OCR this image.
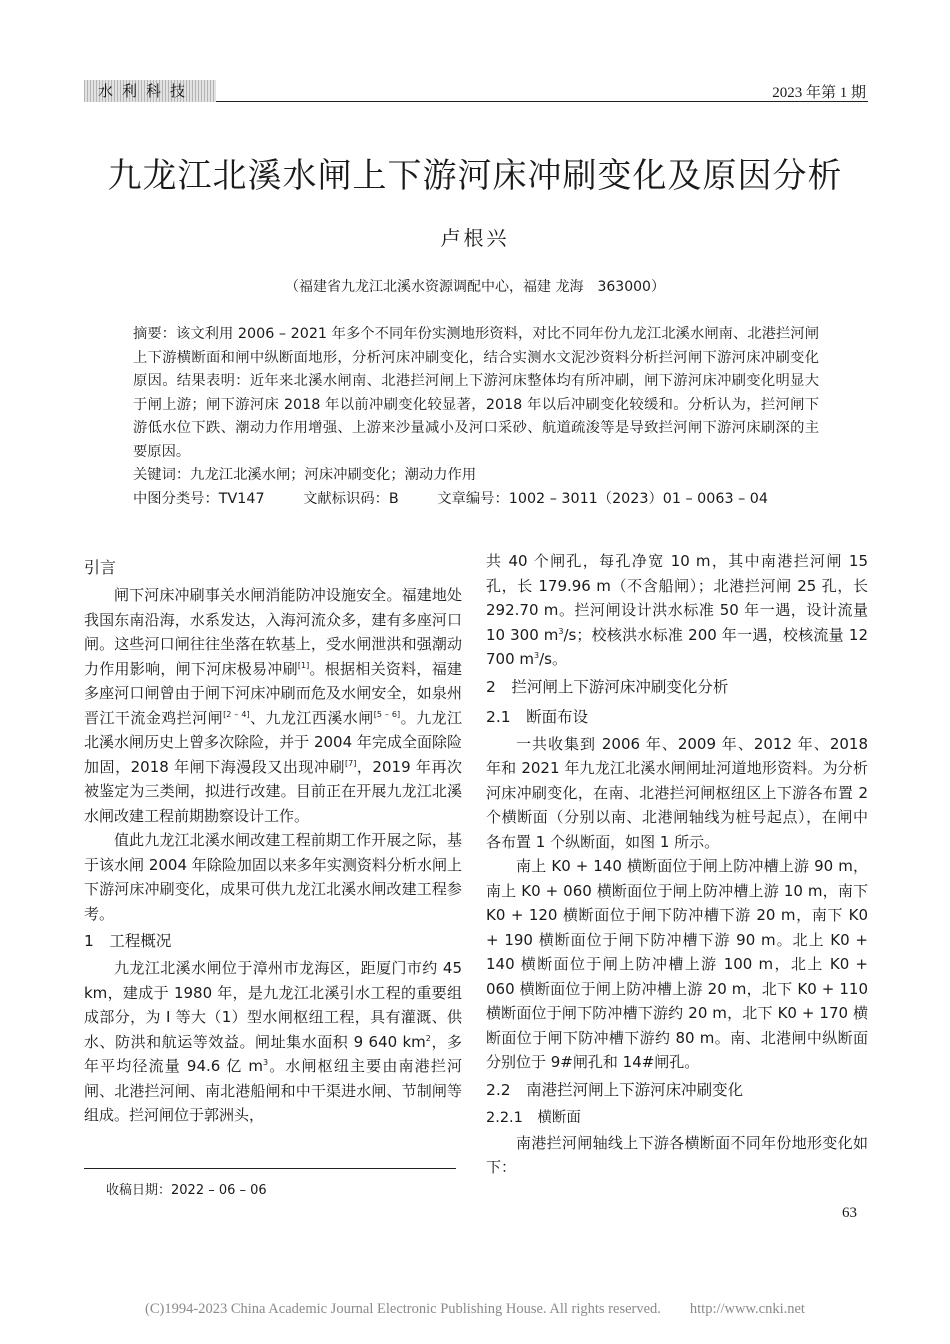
水利科技	2023 年第 1 期
九龙江北溪水闸上下游河床冲刷变化及原因分析
卢根兴
（福建省九龙江北溪水资源调配中心，福建 龙海　363000）

摘要：该文利用 2006 – 2021 年多个不同年份实测地形资料，对比不同年份九龙江北溪水闸南、北港拦河闸上下游横断面和闸中纵断面地形，分析河床冲刷变化，结合实测水文泥沙资料分析拦河闸下游河床冲刷变化原因。结果表明：近年来北溪水闸南、北港拦河闸上下游河床整体均有所冲刷，闸下游河床冲刷变化明显大于闸上游；闸下游河床 2018 年以前冲刷变化较显著，2018 年以后冲刷变化较缓和。分析认为，拦河闸下游低水位下跌、潮动力作用增强、上游来沙量减小及河口采砂、航道疏浚等是导致拦河闸下游河床刷深的主要原因。

关键词：九龙江北溪水闸；河床冲刷变化；潮动力作用

中图分类号：TV147	文献标识码：B	文章编号：1002 – 3011（2023）01 – 0063 – 04

引言

闸下河床冲刷事关水闸消能防冲设施安全。福建地处我国东南沿海，水系发达，入海河流众多，建有多座河口闸。这些河口闸往往坐落在软基上，受水闸泄洪和强潮动力作用影响，闸下河床极易冲刷[1]。根据相关资料，福建多座河口闸曾由于闸下河床冲刷而危及水闸安全，如泉州晋江干流金鸡拦河闸[2 – 4]、九龙江西溪水闸[5 – 6]。九龙江北溪水闸历史上曾多次除险，并于 2004 年完成全面除险加固，2018 年闸下海漫段又出现冲刷[7]，2019 年再次被鉴定为三类闸，拟进行改建。目前正在开展九龙江北溪水闸改建工程前期勘察设计工作。

值此九龙江北溪水闸改建工程前期工作开展之际，基于该水闸 2004 年除险加固以来多年实测资料分析水闸上下游河床冲刷变化，成果可供九龙江北溪水闸改建工程参考。

1　工程概况

九龙江北溪水闸位于漳州市龙海区，距厦门市约 45 km，建成于 1980 年，是九龙江北溪引水工程的重要组成部分，为 I 等大（1）型水闸枢纽工程，具有灌溉、供水、防洪和航运等效益。闸址集水面积 9 640 $km^2$，多年平均径流量 94.6 亿 $m^3$。水闸枢纽主要由南港拦河闸、北港拦河闸、南北港船闸和中干渠进水闸、节制闸等组成。拦河闸位于郭洲头，

共 40 个闸孔，每孔净宽 10 m，其中南港拦河闸 15 孔，长 179.96 m（不含船闸）；北港拦河闸 25 孔，长 292.70 m。拦河闸设计洪水标准 50 年一遇，设计流量 10 300 $m^3/s$；校核洪水标准 200 年一遇，校核流量 12 700 $m^3/s$。

2　拦河闸上下游河床冲刷变化分析
2.1　断面布设

一共收集到 2006 年、2009 年、2012 年、2018 年和 2021 年九龙江北溪水闸闸址河道地形资料。为分析河床冲刷变化，在南、北港拦河闸枢纽区上下游各布置 2 个横断面（分别以南、北港闸轴线为桩号起点），在闸中各布置 1 个纵断面，如图 1 所示。

南上 K0 + 140 横断面位于闸上防冲槽上游 90 m，南上 K0 + 060 横断面位于闸上防冲槽上游 10 m，南下 K0 + 120 横断面位于闸下防冲槽下游 20 m，南下 K0 + 190 横断面位于闸下防冲槽下游 90 m。北上 K0 + 140 横断面位于闸上防冲槽上游 100 m，北上 K0 + 060 横断面位于闸上防冲槽上游 20 m，北下 K0 + 110 横断面位于闸下防冲槽下游约 20 m，北下 K0 + 170 横断面位于闸下防冲槽下游约 80 m。南、北港闸中纵断面分别位于 9#闸孔和 14#闸孔。

2.2　南港拦河闸上下游河床冲刷变化
2.2.1　横断面

南港拦河闸轴线上下游各横断面不同年份地形变化如下：

收稿日期：2022 – 06 – 06
63
(C)1994-2023 China Academic Journal Electronic Publishing House. All rights reserved.　　http://www.cnki.net
